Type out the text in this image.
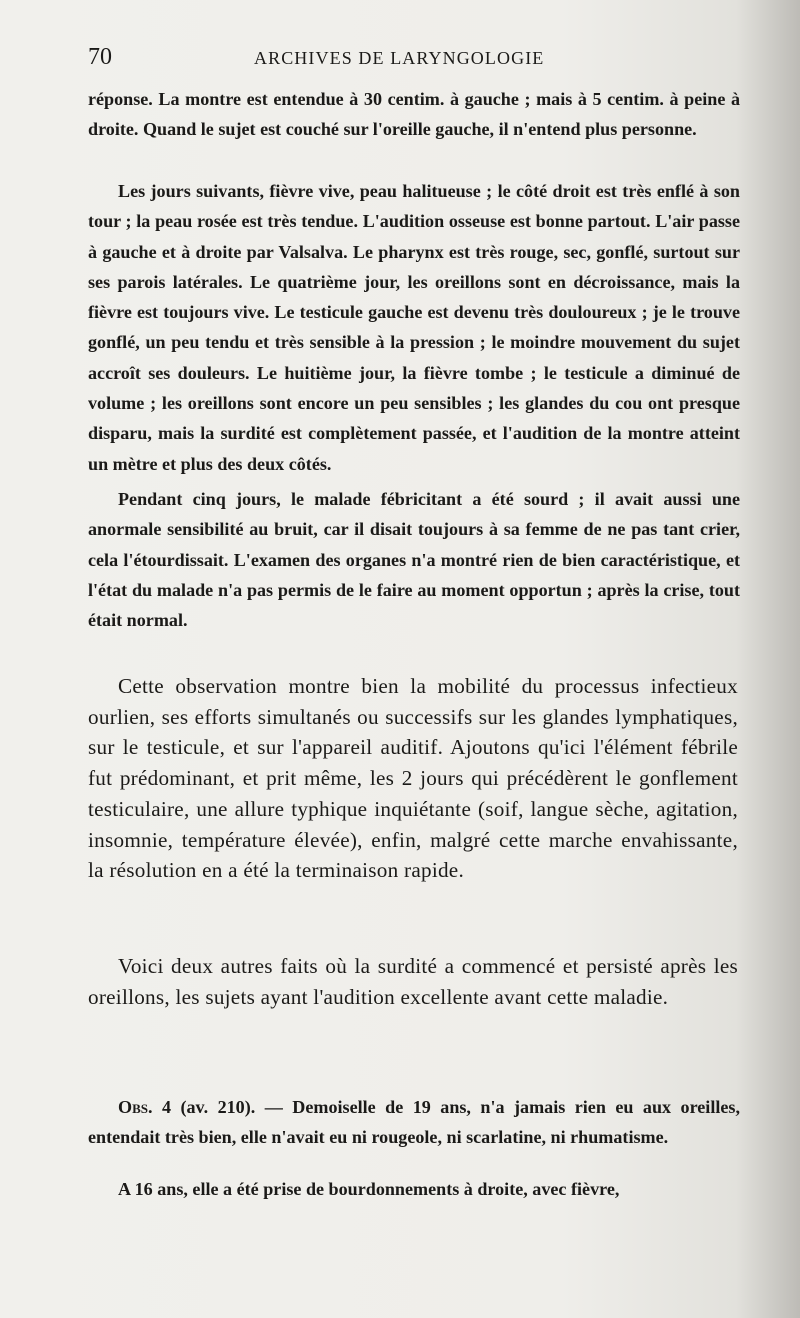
70	ARCHIVES DE LARYNGOLOGIE

réponse. La montre est entendue à 30 centim. à gauche ; mais à 5 centim. à peine à droite. Quand le sujet est couché sur l'oreille gauche, il n'entend plus personne.

Les jours suivants, fièvre vive, peau halitueuse ; le côté droit est très enflé à son tour ; la peau rosée est très tendue. L'audition osseuse est bonne partout. L'air passe à gauche et à droite par Valsalva. Le pharynx est très rouge, sec, gonflé, surtout sur ses parois latérales. Le quatrième jour, les oreillons sont en décroissance, mais la fièvre est toujours vive. Le testicule gauche est devenu très douloureux ; je le trouve gonflé, un peu tendu et très sensible à la pression ; le moindre mouvement du sujet accroît ses douleurs. Le huitième jour, la fièvre tombe ; le testicule a diminué de volume ; les oreillons sont encore un peu sensibles ; les glandes du cou ont presque disparu, mais la surdité est complètement passée, et l'audition de la montre atteint un mètre et plus des deux côtés.

Pendant cinq jours, le malade fébricitant a été sourd ; il avait aussi une anormale sensibilité au bruit, car il disait toujours à sa femme de ne pas tant crier, cela l'étourdissait. L'examen des organes n'a montré rien de bien caractéristique, et l'état du malade n'a pas permis de le faire au moment opportun ; après la crise, tout était normal.

Cette observation montre bien la mobilité du processus infectieux ourlien, ses efforts simultanés ou successifs sur les glandes lymphatiques, sur le testicule, et sur l'appareil auditif. Ajoutons qu'ici l'élément fébrile fut prédominant, et prit même, les 2 jours qui précédèrent le gonflement testiculaire, une allure typhique inquiétante (soif, langue sèche, agitation, insomnie, température élevée), enfin, malgré cette marche envahissante, la résolution en a été la terminaison rapide.

Voici deux autres faits où la surdité a commencé et persisté après les oreillons, les sujets ayant l'audition excellente avant cette maladie.

Obs. 4 (av. 210). — Demoiselle de 19 ans, n'a jamais rien eu aux oreilles, entendait très bien, elle n'avait eu ni rougeole, ni scarlatine, ni rhumatisme.

A 16 ans, elle a été prise de bourdonnements à droite, avec fièvre,
